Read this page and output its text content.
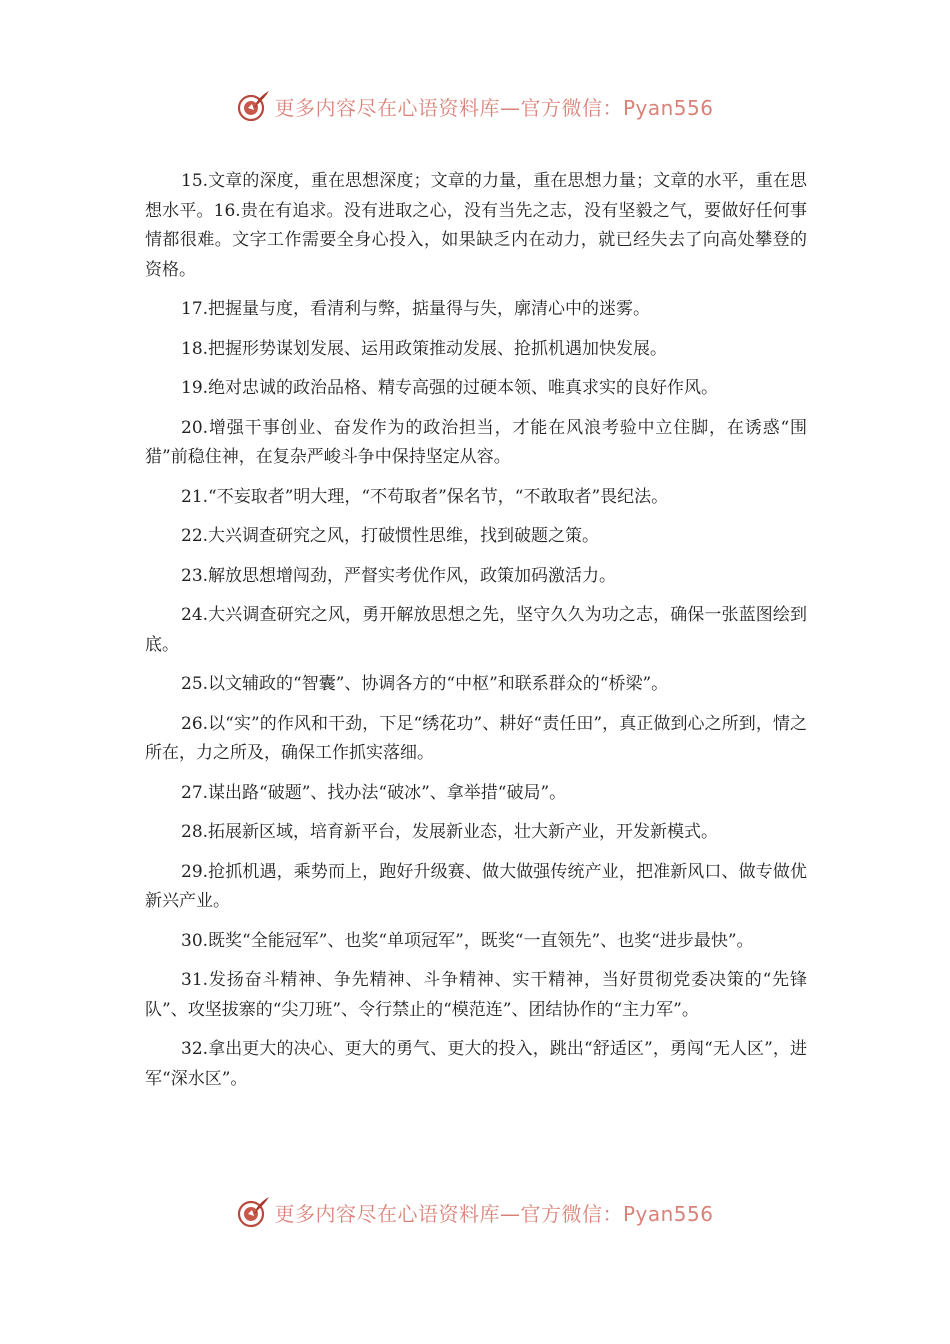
更多内容尽在心语资料库—官方微信：Pyan556

15.文章的深度，重在思想深度；文章的力量，重在思想力量；文章的水平，重在思想水平。16.贵在有追求。没有进取之心，没有当先之志，没有坚毅之气，要做好任何事情都很难。文字工作需要全身心投入，如果缺乏内在动力，就已经失去了向高处攀登的资格。

17.把握量与度，看清利与弊，掂量得与失，廓清心中的迷雾。

18.把握形势谋划发展、运用政策推动发展、抢抓机遇加快发展。

19.绝对忠诚的政治品格、精专高强的过硬本领、唯真求实的良好作风。

20.增强干事创业、奋发作为的政治担当，才能在风浪考验中立住脚，在诱惑“围猎”前稳住神，在复杂严峻斗争中保持坚定从容。

21.“不妄取者”明大理，“不苟取者”保名节，“不敢取者”畏纪法。

22.大兴调查研究之风，打破惯性思维，找到破题之策。

23.解放思想增闯劲，严督实考优作风，政策加码激活力。

24.大兴调查研究之风，勇开解放思想之先，坚守久久为功之志，确保一张蓝图绘到底。

25.以文辅政的“智囊”、协调各方的“中枢”和联系群众的“桥梁”。

26.以“实”的作风和干劲，下足“绣花功”、耕好“责任田”，真正做到心之所到，情之所在，力之所及，确保工作抓实落细。

27.谋出路“破题”、找办法“破冰”、拿举措“破局”。

28.拓展新区域，培育新平台，发展新业态，壮大新产业，开发新模式。

29.抢抓机遇，乘势而上，跑好升级赛、做大做强传统产业，把准新风口、做专做优新兴产业。

30.既奖“全能冠军”、也奖“单项冠军”，既奖“一直领先”、也奖“进步最快”。

31.发扬奋斗精神、争先精神、斗争精神、实干精神，当好贯彻党委决策的“先锋队”、攻坚拔寨的“尖刀班”、令行禁止的“模范连”、团结协作的“主力军”。

32.拿出更大的决心、更大的勇气、更大的投入，跳出“舒适区”，勇闯“无人区”，进军“深水区”。

更多内容尽在心语资料库—官方微信：Pyan556
